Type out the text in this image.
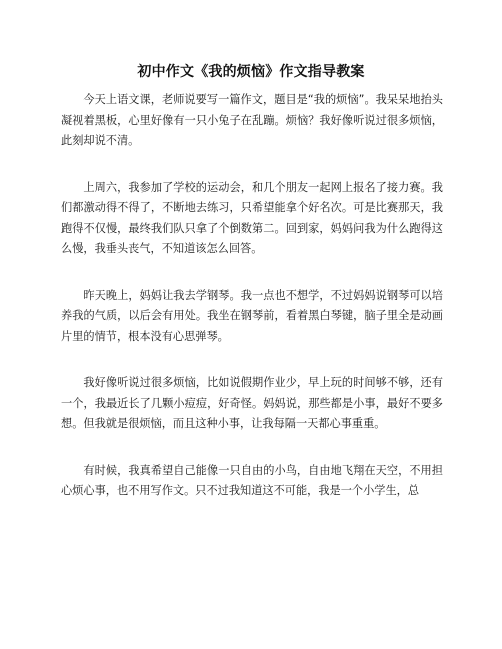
初中作文《我的烦恼》作文指导教案

今天上语文课，老师说要写一篇作文，题目是“我的烦恼”。我呆呆地抬头凝视着黑板，心里好像有一只小兔子在乱蹦。烦恼？我好像听说过很多烦恼，此刻却说不清。

上周六，我参加了学校的运动会，和几个朋友一起网上报名了接力赛。我们都激动得不得了，不断地去练习，只希望能拿个好名次。可是比赛那天，我跑得不仅慢，最终我们队只拿了个倒数第二。回到家，妈妈问我为什么跑得这么慢，我垂头丧气，不知道该怎么回答。

昨天晚上，妈妈让我去学钢琴。我一点也不想学，不过妈妈说钢琴可以培养我的气质，以后会有用处。我坐在钢琴前，看着黑白琴键，脑子里全是动画片里的情节，根本没有心思弹琴。

我好像听说过很多烦恼，比如说假期作业少，早上玩的时间够不够，还有一个，我最近长了几颗小痘痘，好奇怪。妈妈说，那些都是小事，最好不要多想。但我就是很烦恼，而且这种小事，让我每隔一天都心事重重。

有时候，我真希望自己能像一只自由的小鸟，自由地飞翔在天空，不用担心烦心事，也不用写作文。只不过我知道这不可能，我是一个小学生，总
